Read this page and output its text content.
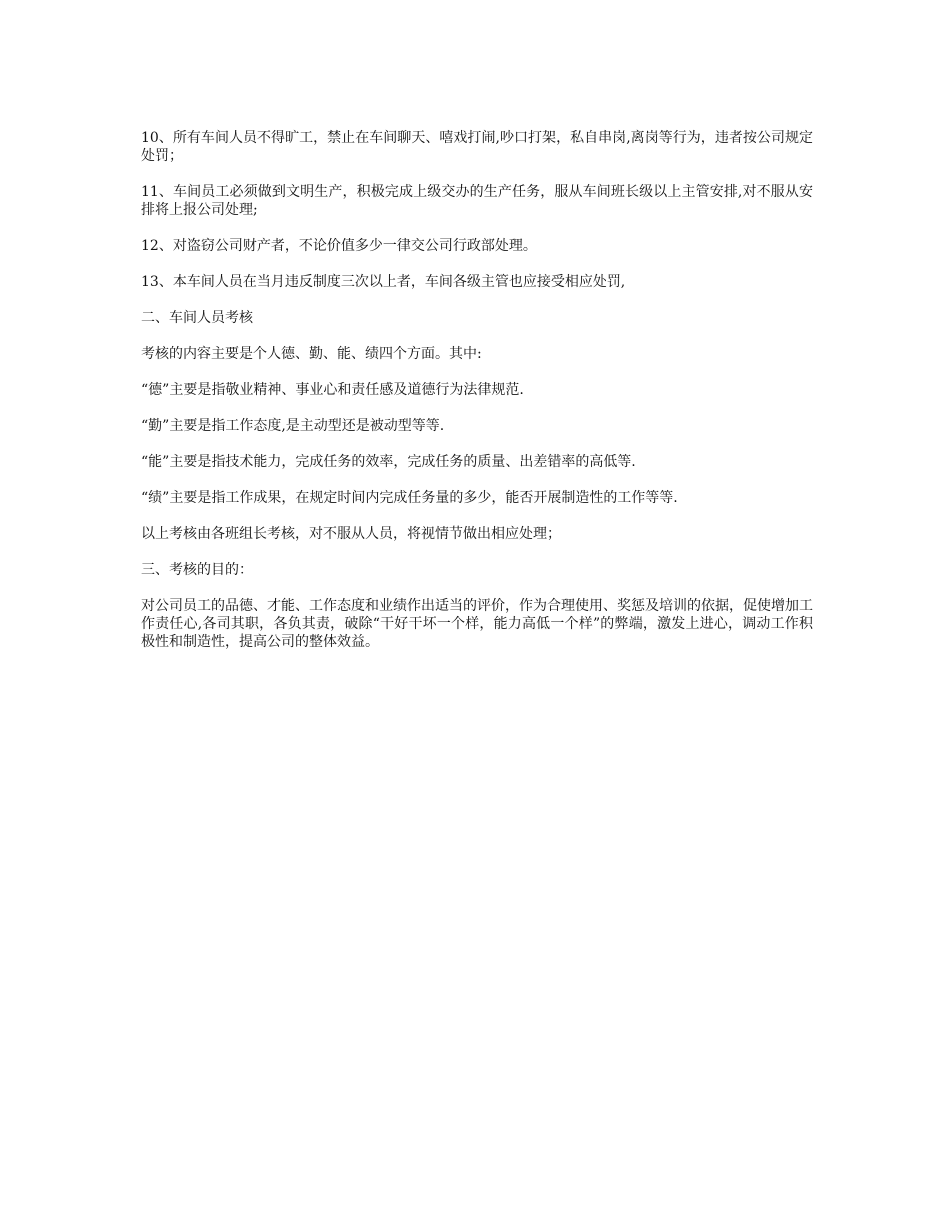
10、所有车间人员不得旷工，禁止在车间聊天、嘻戏打闹,吵口打架，私自串岗,离岗等行为，违者按公司规定处罚；

11、车间员工必须做到文明生产，积极完成上级交办的生产任务，服从车间班长级以上主管安排,对不服从安排将上报公司处理;

12、对盗窃公司财产者，不论价值多少一律交公司行政部处理。

13、本车间人员在当月违反制度三次以上者，车间各级主管也应接受相应处罚,

二、车间人员考核

考核的内容主要是个人德、勤、能、绩四个方面。其中:

“德”主要是指敬业精神、事业心和责任感及道德行为法律规范.

“勤”主要是指工作态度,是主动型还是被动型等等.

“能”主要是指技术能力，完成任务的效率，完成任务的质量、出差错率的高低等.

“绩”主要是指工作成果，在规定时间内完成任务量的多少，能否开展制造性的工作等等.

以上考核由各班组长考核，对不服从人员，将视情节做出相应处理；

三、考核的目的：

对公司员工的品德、才能、工作态度和业绩作出适当的评价，作为合理使用、奖惩及培训的依据，促使增加工作责任心,各司其职，各负其责，破除“干好干坏一个样，能力高低一个样”的弊端，激发上进心，调动工作积极性和制造性，提高公司的整体效益。
